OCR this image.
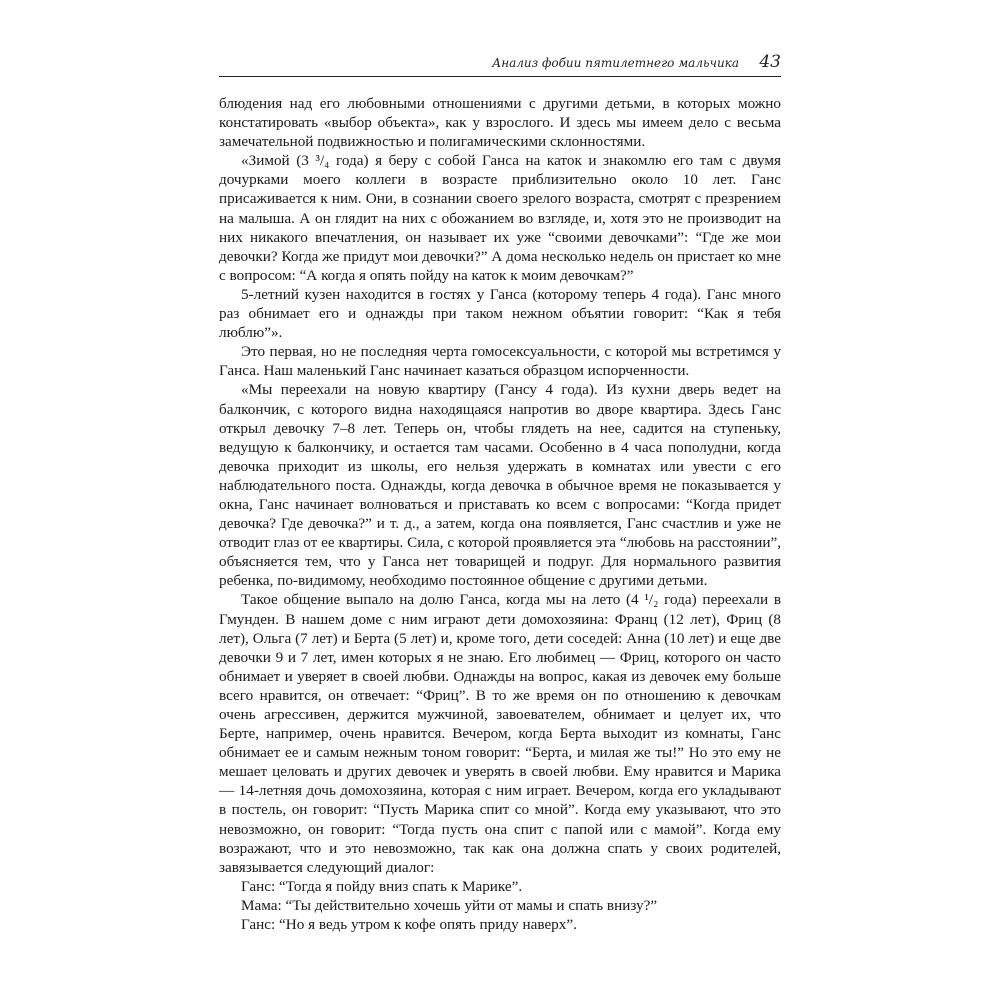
Анализ фобии пятилетнего мальчика 43

блюдения над его любовными отношениями с другими детьми, в которых можно констатировать «выбор объекта», как у взрослого. И здесь мы имеем дело с весьма замечательной подвижностью и полигамическими склонностями.

«Зимой (3 ³/₄ года) я беру с собой Ганса на каток и знакомлю его там с двумя дочурками моего коллеги в возрасте приблизительно около 10 лет. Ганс присаживается к ним. Они, в сознании своего зрелого возраста, смотрят с презрением на малыша. А он глядит на них с обожанием во взгляде, и, хотя это не производит на них никакого впечатления, он называет их уже “своими девочками”: “Где же мои девочки? Когда же придут мои девочки?” А дома несколько недель он пристает ко мне с вопросом: “А когда я опять пойду на каток к моим девочкам?”

5-летний кузен находится в гостях у Ганса (которому теперь 4 года). Ганс много раз обнимает его и однажды при таком нежном объятии говорит: “Как я тебя люблю”».

Это первая, но не последняя черта гомосексуальности, с которой мы встретимся у Ганса. Наш маленький Ганс начинает казаться образцом испорченности.

«Мы переехали на новую квартиру (Гансу 4 года). Из кухни дверь ведет на балкончик, с которого видна находящаяся напротив во дворе квартира. Здесь Ганс открыл девочку 7–8 лет. Теперь он, чтобы глядеть на нее, садится на ступеньку, ведущую к балкончику, и остается там часами. Особенно в 4 часа пополудни, когда девочка приходит из школы, его нельзя удержать в комнатах или увести с его наблюдательного поста. Однажды, когда девочка в обычное время не показывается у окна, Ганс начинает волноваться и приставать ко всем с вопросами: “Когда придет девочка? Где девочка?” и т. д., а затем, когда она появляется, Ганс счастлив и уже не отводит глаз от ее квартиры. Сила, с которой проявляется эта “любовь на расстоянии”, объясняется тем, что у Ганса нет товарищей и подруг. Для нормального развития ребенка, по-видимому, необходимо постоянное общение с другими детьми.

Такое общение выпало на долю Ганса, когда мы на лето (4 ¹/₂ года) переехали в Гмунден. В нашем доме с ним играют дети домохозяина: Франц (12 лет), Фриц (8 лет), Ольга (7 лет) и Берта (5 лет) и, кроме того, дети соседей: Анна (10 лет) и еще две девочки 9 и 7 лет, имен которых я не знаю. Его любимец — Фриц, которого он часто обнимает и уверяет в своей любви. Однажды на вопрос, какая из девочек ему больше всего нравится, он отвечает: “Фриц”. В то же время он по отношению к девочкам очень агрессивен, держится мужчиной, завоевателем, обнимает и целует их, что Берте, например, очень нравится. Вечером, когда Берта выходит из комнаты, Ганс обнимает ее и самым нежным тоном говорит: “Берта, и милая же ты!” Но это ему не мешает целовать и других девочек и уверять в своей любви. Ему нравится и Марика — 14-летняя дочь домохозяина, которая с ним играет. Вечером, когда его укладывают в постель, он говорит: “Пусть Марика спит со мной”. Когда ему указывают, что это невозможно, он говорит: “Тогда пусть она спит с папой или с мамой”. Когда ему возражают, что и это невозможно, так как она должна спать у своих родителей, завязывается следующий диалог:

Ганс: “Тогда я пойду вниз спать к Марике”.

Мама: “Ты действительно хочешь уйти от мамы и спать внизу?”

Ганс: “Но я ведь утром к кофе опять приду наверх”.
